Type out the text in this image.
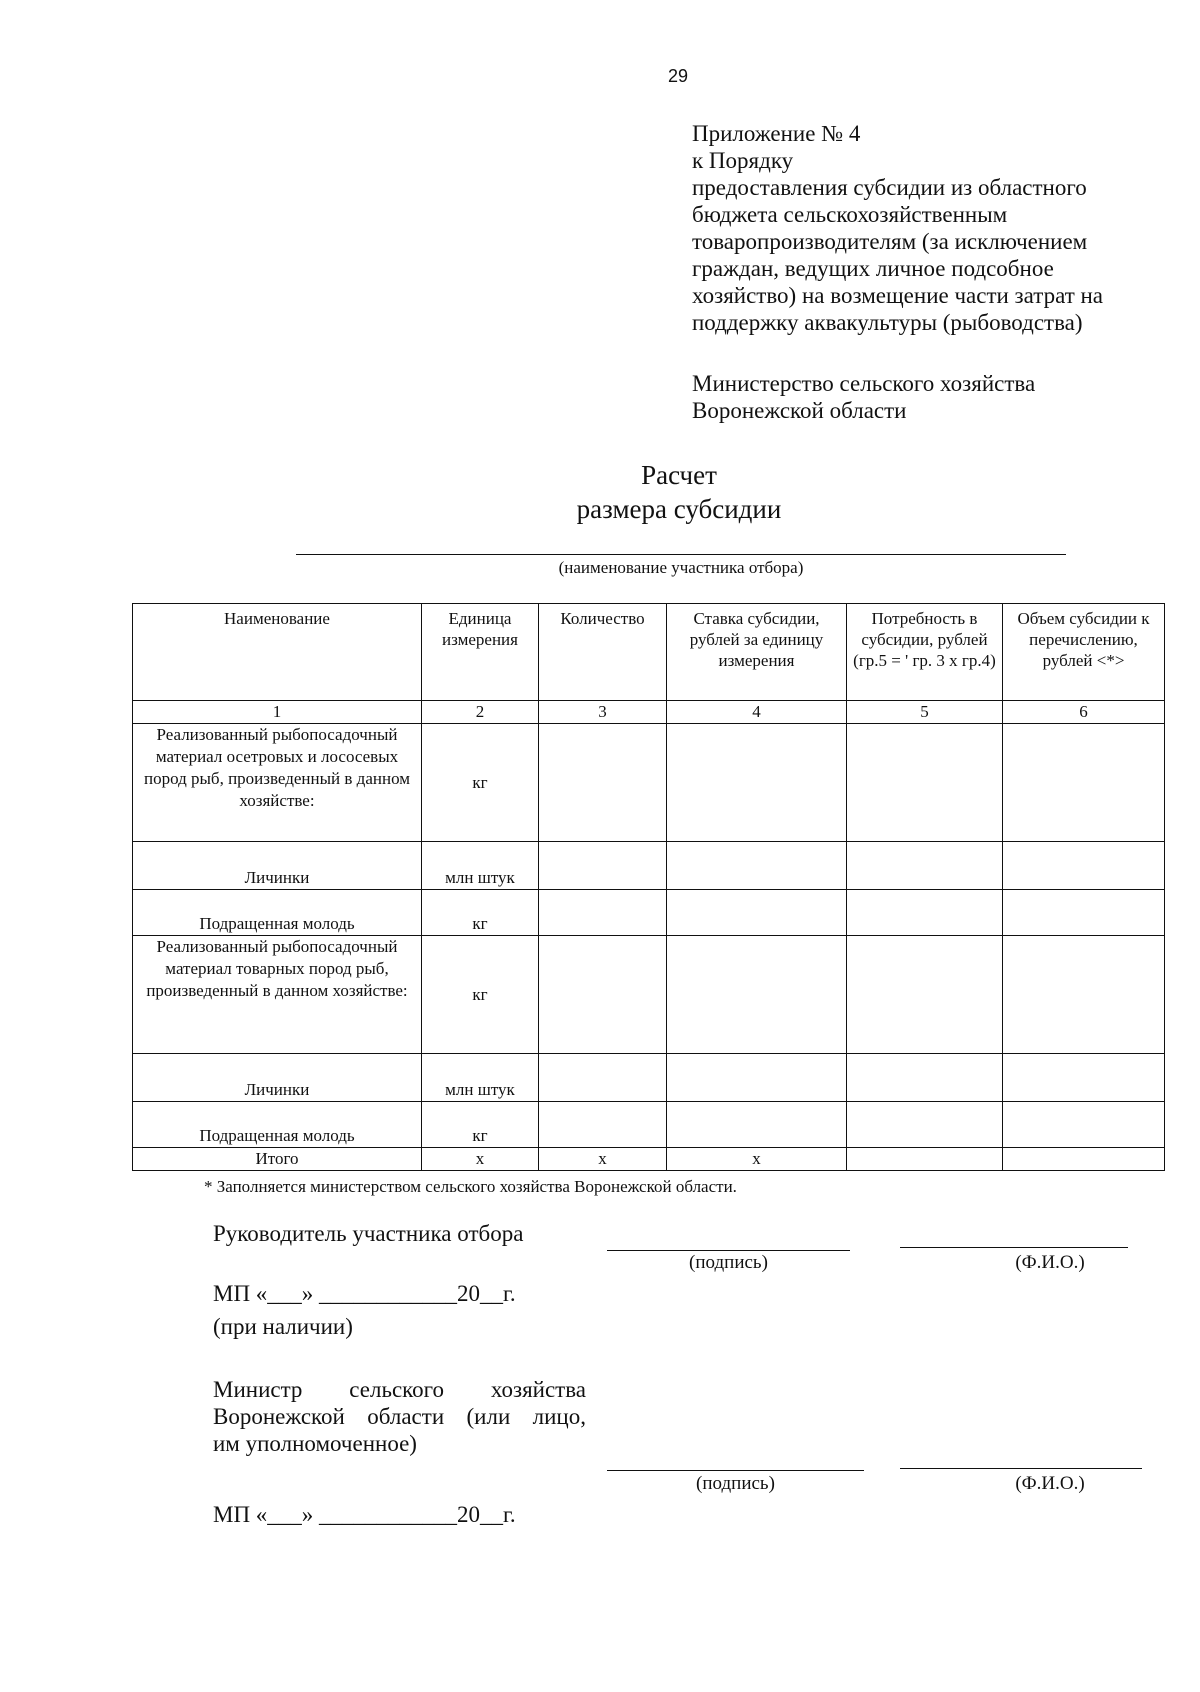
29
Приложение № 4
к Порядку
предоставления субсидии из областного
бюджета сельскохозяйственным
товаропроизводителям (за исключением
граждан, ведущих личное подсобное
хозяйство) на возмещение части затрат на
поддержку аквакультуры (рыбоводства)
Министерство сельского хозяйства
Воронежской области
Расчет
размера субсидии
(наименование участника отбора)
Наименование	Единица измерения	Количество	Ставка субсидии, рублей за единицу измерения	Потребность в субсидии, рублей (гр.5 = ' гр. 3 х гр.4)	Объем субсидии к перечислению, рублей <*>
1	2	3	4	5	6
Реализованный рыбопосадочный материал осетровых и лососевых пород рыб, произведенный в данном хозяйстве:	кг				
Личинки	млн штук				
Подращенная молодь	кг				
Реализованный рыбопосадочный материал товарных пород рыб, произведенный в данном хозяйстве:	кг				
Личинки	млн штук				
Подращенная молодь	кг				
Итого	х	х	х		
* Заполняется министерством сельского хозяйства Воронежской области.
Руководитель участника отбора
(подпись)	(Ф.И.О.)
МП «___» ____________20__г.
(при наличии)
Министр сельского хозяйства
Воронежской области (или лицо,
им уполномоченное)
(подпись)	(Ф.И.О.)
МП «___» ____________20__г.
